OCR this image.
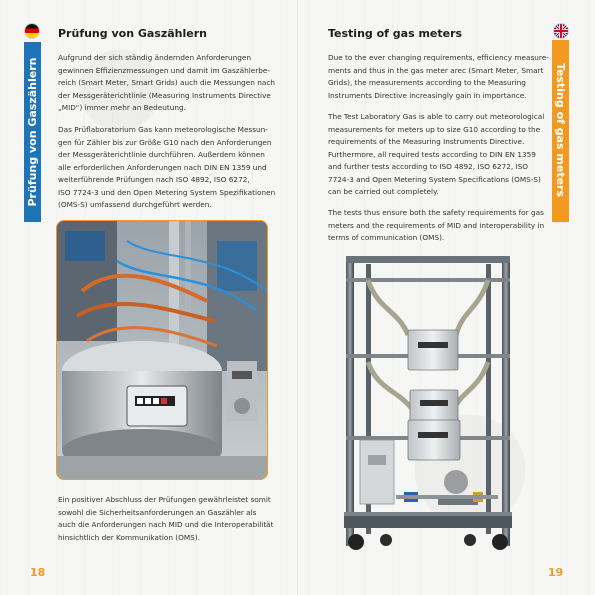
Prüfung von Gaszählern
Prüfung von Gaszählern

Aufgrund der sich ständig ändernden Anforderungen
gewinnen Effizienzmessungen und damit im Gaszählerbe-
reich (Smart Meter, Smart Grids) auch die Messungen nach
der Messgeräterichtlinie (Measuring Instruments Directive
„MID“) immer mehr an Bedeutung.

Das Prüflaboratorium Gas kann meteorologische Messun-
gen für Zähler bis zur Größe G10 nach den Anforderungen
der Messgeräterichtlinie durchführen. Außerdem können
alle erforderlichen Anforderungen nach DIN EN 1359 und
weiterführende Prüfungen nach ISO 4892, ISO 6272,
ISO 7724-3 und den Open Metering System Spezifikationen
(OMS-S) umfassend durchgeführt werden.

Ein positiver Abschluss der Prüfungen gewährleistet somit
sowohl die Sicherheitsanforderungen an Gaszähler als
auch die Anforderungen nach MID und die Interoperabilität
hinsichtlich der Kommunikation (OMS).

18
Testing of gas meters
Testing of gas meters

Due to the ever changing requirements, efficiency measure-
ments and thus in the gas meter arec (Smart Meter, Smart
Grids), the measurements according to the Measuring
Instruments Directive increasingly gain in importance.

The Test Laboratory Gas is able to carry out meteorological
measurements for meters up to size G10 according to the
requirements of the Measuring Instruments Directive.
Furthermore, all required tests according to DIN EN 1359
and further tests according to ISO 4892, ISO 6272, ISO
7724-3 and Open Metering System Specifications (OMS-S)
can be carried out completely.

The tests thus ensure both the safety requirements for gas
meters and the requirements of MID and interoperability in
terms of communication (OMS).

19
